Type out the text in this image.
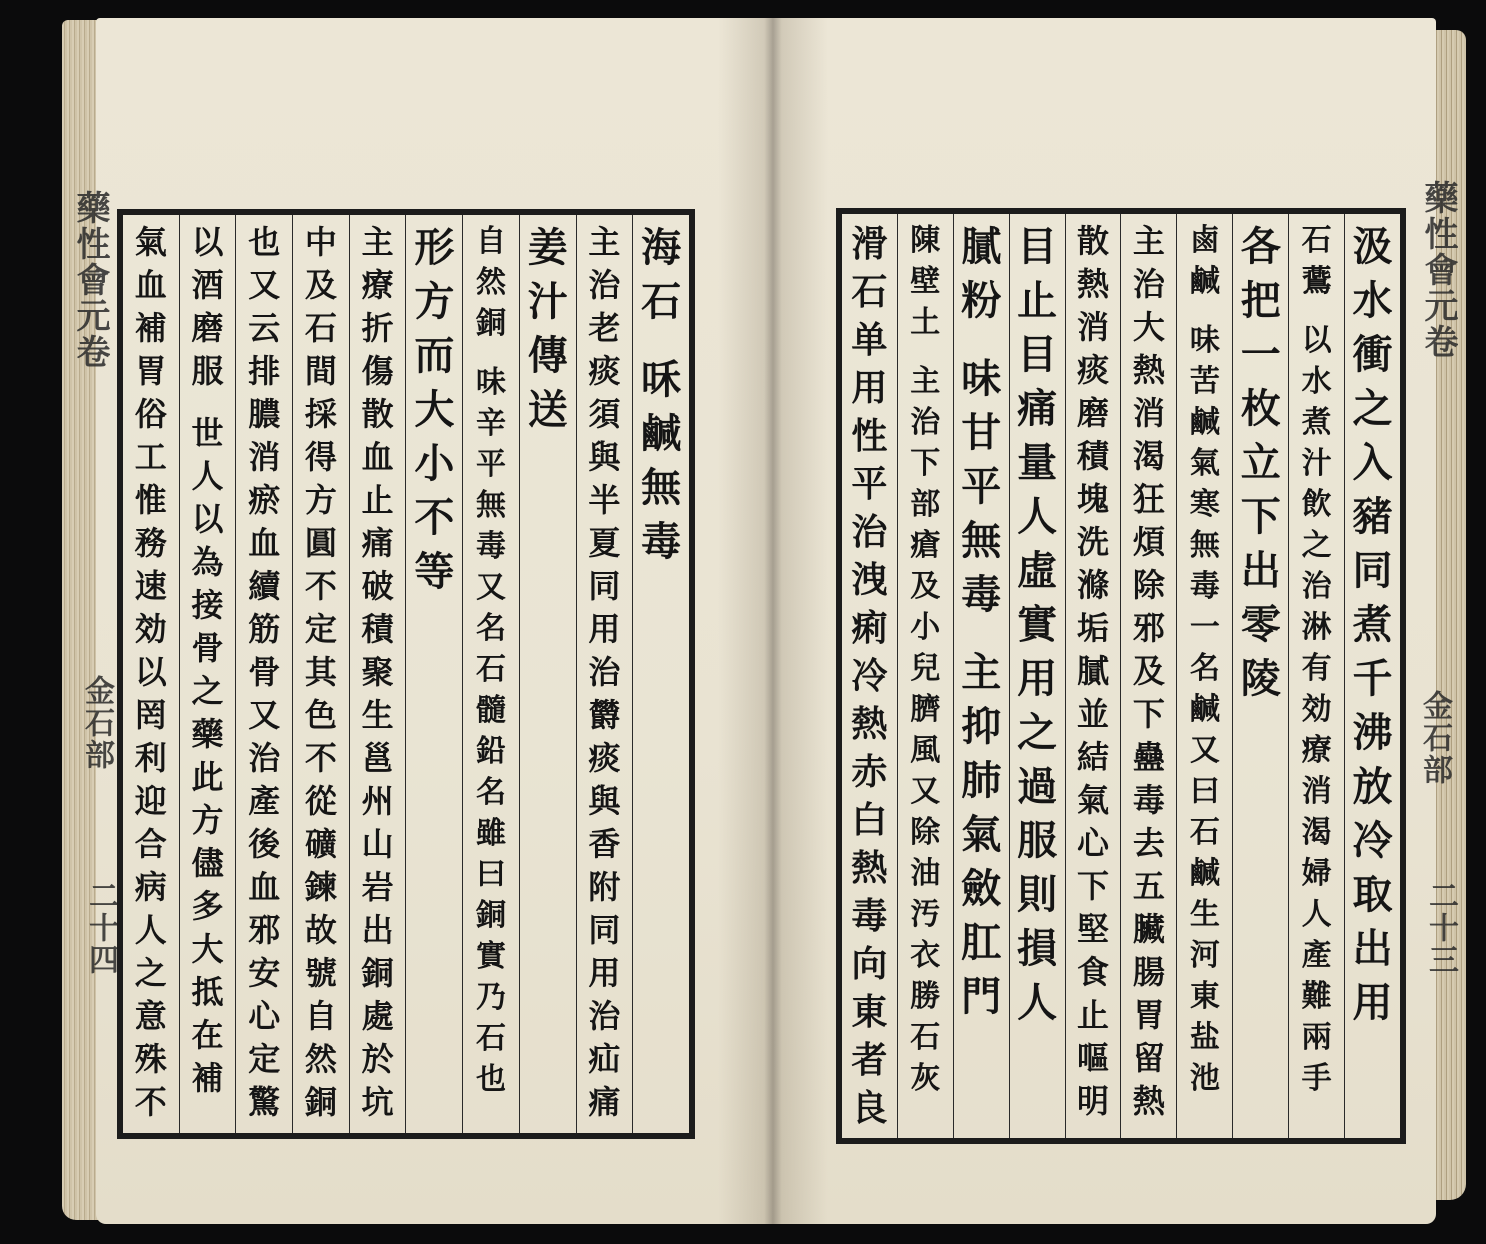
藥性會元卷
金石部
二十四
藥性會元卷
金石部
二十三
海
石
咊
鹹
無
毒
主
治
老
痰
須
與
半
夏
同
用
治
欝
痰
與
香
附
同
用
治
疝
痛
姜
汁
傳
送
自
然
銅
味
辛
平
無
毒
又
名
石
髓
鉛
名
雖
曰
銅
實
乃
石
也
形
方
而
大
小
不
等
主
療
折
傷
散
血
止
痛
破
積
聚
生
邕
州
山
岩
出
銅
處
於
坑
中
及
石
間
採
得
方
圓
不
定
其
色
不
從
礦
鍊
故
號
自
然
銅
也
又
云
排
膿
消
瘀
血
續
筋
骨
又
治
產
後
血
邪
安
心
定
驚
以
酒
磨
服
世
人
以
為
接
骨
之
藥
此
方
儘
多
大
抵
在
補
氣
血
補
胃
俗
工
惟
務
速
効
以
罔
利
迎
合
病
人
之
意
殊
不
汲
水
衝
之
入
豬
同
煮
千
沸
放
冷
取
出
用
石
鷰
以
水
煮
汁
飲
之
治
淋
有
効
療
消
渴
婦
人
產
難
兩
手
各
把
一
枚
立
下
出
零
陵
鹵
鹹
味
苦
鹹
氣
寒
無
毒
一
名
鹹
又
曰
石
鹹
生
河
東
盐
池
主
治
大
熱
消
渴
狂
煩
除
邪
及
下
蠱
毒
去
五
臟
腸
胃
留
熱
散
熱
消
痰
磨
積
塊
洗
滌
垢
膩
並
結
氣
心
下
堅
食
止
嘔
明
目
止
目
痛
量
人
虛
實
用
之
過
服
則
損
人
膩
粉
味
甘
平
無
毒
主
抑
肺
氣
斂
肛
門
陳
壁
土
主
治
下
部
瘡
及
小
兒
臍
風
又
除
油
汚
衣
勝
石
灰
滑
石
单
用
性
平
治
洩
痢
冷
熱
赤
白
熱
毒
向
東
者
良
